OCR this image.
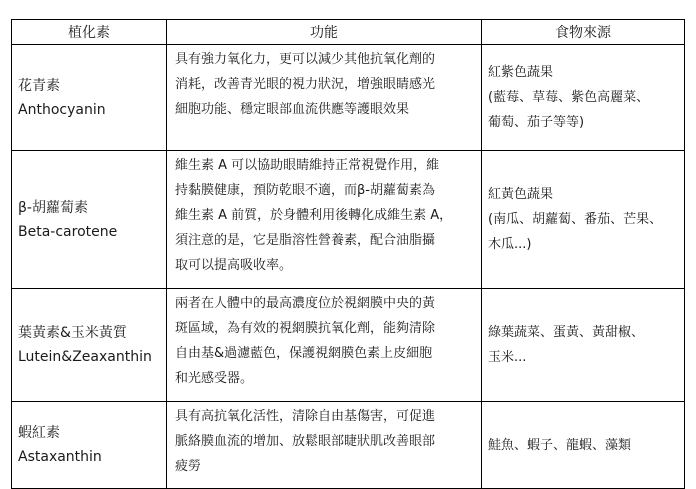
植化素	功能	食物來源

花青素
Anthocyanin	具有強力氧化力，更可以減少其他抗氧化劑的
消耗，改善青光眼的視力狀況，增強眼睛感光
細胞功能、穩定眼部血流供應等護眼效果	紅紫色蔬果
(藍莓、草莓、紫色高麗菜、
葡萄、茄子等等)

β-胡蘿蔔素
Beta-carotene	維生素 A 可以協助眼睛維持正常視覺作用，維
持黏膜健康，預防乾眼不適，而β-胡蘿蔔素為
維生素 A 前質，於身體利用後轉化成維生素 A，
須注意的是，它是脂溶性營養素，配合油脂攝
取可以提高吸收率。	紅黃色蔬果
(南瓜、胡蘿蔔、番茄、芒果、
木瓜...)

葉黃素&玉米黃質
Lutein&Zeaxanthin	兩者在人體中的最高濃度位於視網膜中央的黃
斑區域，為有效的視網膜抗氧化劑，能夠清除
自由基&過濾藍色，保護視網膜色素上皮細胞
和光感受器。	綠葉蔬菜、蛋黃、黃甜椒、
玉米...

蝦紅素
Astaxanthin	具有高抗氧化活性，清除自由基傷害，可促進
脈絡膜血流的增加、放鬆眼部睫狀肌改善眼部
疲勞	鮭魚、蝦子、龍蝦、藻類
